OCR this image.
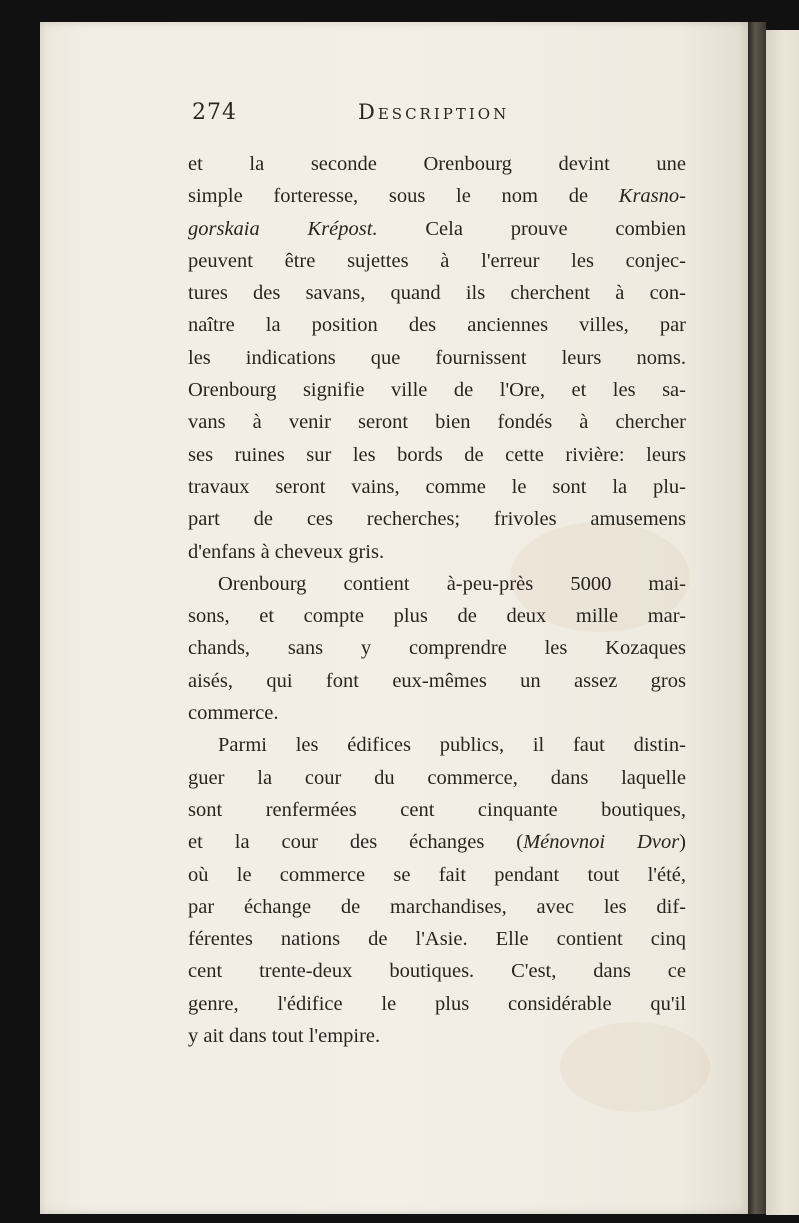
274	Description
et la seconde Orenbourg devint une
simple forteresse, sous le nom de Krasno-
gorskaia Krépost. Cela prouve combien
peuvent être sujettes à l'erreur les conjec-
tures des savans, quand ils cherchent à con-
naître la position des anciennes villes, par
les indications que fournissent leurs noms.
Orenbourg signifie ville de l'Ore, et les sa-
vans à venir seront bien fondés à chercher
ses ruines sur les bords de cette rivière: leurs
travaux seront vains, comme le sont la plu-
part de ces recherches; frivoles amusemens
d'enfans à cheveux gris.
Orenbourg contient à-peu-près 5000 mai-
sons, et compte plus de deux mille mar-
chands, sans y comprendre les Kozaques
aisés, qui font eux-mêmes un assez gros
commerce.
Parmi les édifices publics, il faut distin-
guer la cour du commerce, dans laquelle
sont renfermées cent cinquante boutiques,
et la cour des échanges (Ménovnoi Dvor)
où le commerce se fait pendant tout l'été,
par échange de marchandises, avec les dif-
férentes nations de l'Asie. Elle contient cinq
cent trente-deux boutiques. C'est, dans ce
genre, l'édifice le plus considérable qu'il
y ait dans tout l'empire.
